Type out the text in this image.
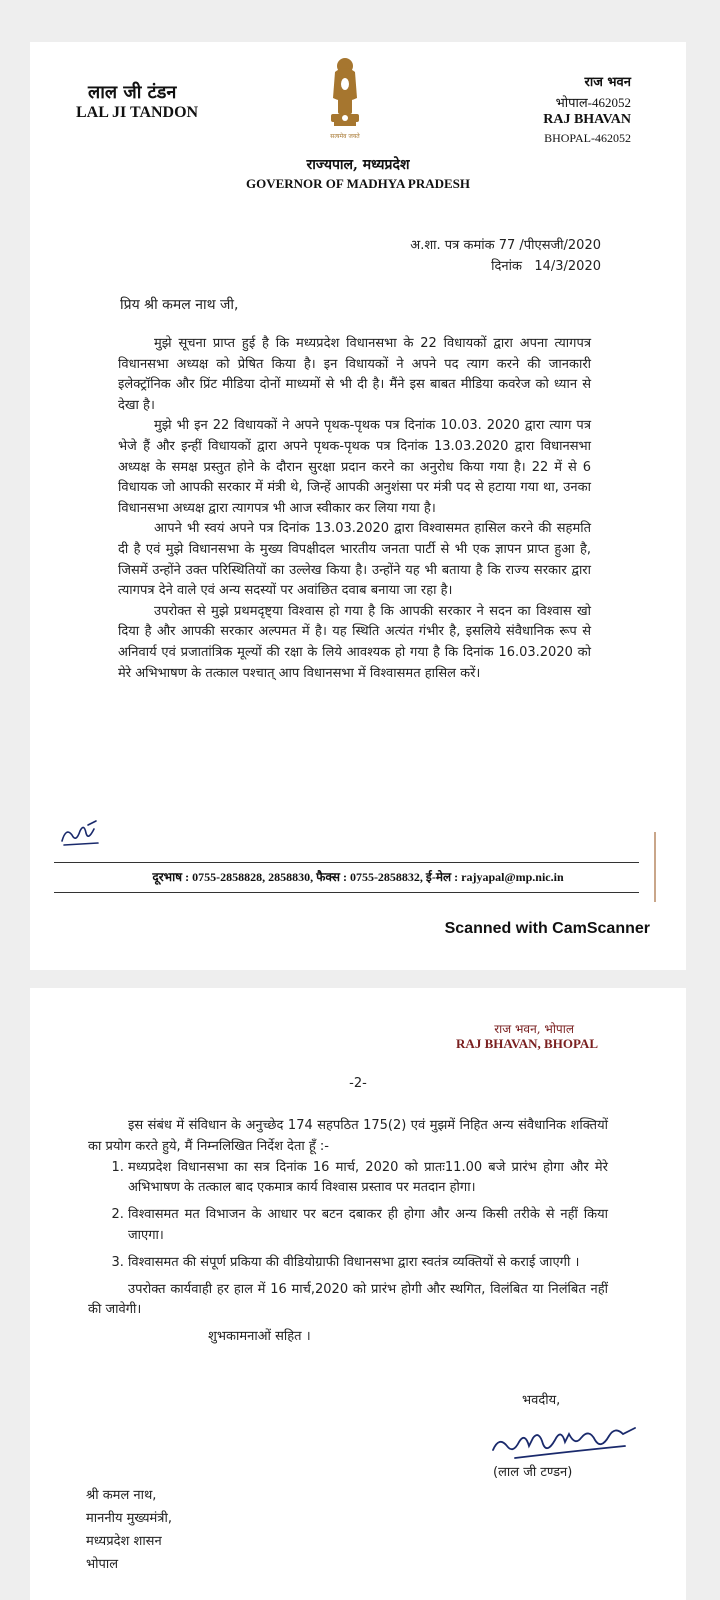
लाल जी टंडन
LAL JI TANDON
सत्यमेव जयते
राज्यपाल, मध्यप्रदेश
GOVERNOR OF MADHYA PRADESH
राज भवन
भोपाल-462052
RAJ BHAVAN
BHOPAL-462052
अ.शा. पत्र कमांक 77 /पीएसजी/2020
दिनांक   14/3/2020
प्रिय श्री कमल नाथ जी,

मुझे सूचना प्राप्त हुई है कि मध्यप्रदेश विधानसभा के 22 विधायकों द्वारा अपना त्यागपत्र विधानसभा अध्यक्ष को प्रेषित किया है। इन विधायकों ने अपने पद त्याग करने की जानकारी इलेक्ट्रॉनिक और प्रिंट मीडिया दोनों माध्यमों से भी दी है। मैंने इस बाबत मीडिया कवरेज को ध्यान से देखा है।

मुझे भी इन 22 विधायकों ने अपने पृथक-पृथक पत्र दिनांक 10.03. 2020 द्वारा त्याग पत्र भेजे हैं और इन्हीं विधायकों द्वारा अपने पृथक-पृथक पत्र दिनांक 13.03.2020 द्वारा विधानसभा अध्यक्ष के समक्ष प्रस्तुत होने के दौरान सुरक्षा प्रदान करने का अनुरोध किया गया है। 22 में से 6 विधायक जो आपकी सरकार में मंत्री थे, जिन्हें आपकी अनुशंसा पर मंत्री पद से हटाया गया था, उनका विधानसभा अध्यक्ष द्वारा त्यागपत्र भी आज स्वीकार कर लिया गया है।

आपने भी स्वयं अपने पत्र दिनांक 13.03.2020 द्वारा विश्वासमत हासिल करने की सहमति दी है एवं मुझे विधानसभा के मुख्य विपक्षीदल भारतीय जनता पार्टी से भी एक ज्ञापन प्राप्त हुआ है, जिसमें उन्होंने उक्त परिस्थितियों का उल्लेख किया है। उन्होंने यह भी बताया है कि राज्य सरकार द्वारा त्यागपत्र देने वाले एवं अन्य सदस्यों पर अवांछित दवाब बनाया जा रहा है।

उपरोक्त से मुझे प्रथमदृष्ट्या विश्वास हो गया है कि आपकी सरकार ने सदन का विश्वास खो दिया है और आपकी सरकार अल्पमत में है। यह स्थिति अत्यंत गंभीर है, इसलिये संवैधानिक रूप से अनिवार्य एवं प्रजातांत्रिक मूल्यों की रक्षा के लिये आवश्यक हो गया है कि दिनांक 16.03.2020 को मेरे अभिभाषण के तत्काल पश्चात् आप विधानसभा में विश्वासमत हासिल करें।

दूरभाष : 0755-2858828, 2858830, फैक्स : 0755-2858832, ई-मेल : rajyapal@mp.nic.in
Scanned with CamScanner
राज भवन, भोपाल
RAJ BHAVAN, BHOPAL
-2-

इस संबंध में संविधान के अनुच्छेद 174 सहपठित 175(2) एवं मुझमें निहित अन्य संवैधानिक शक्तियों का प्रयोग करते हुये, मैं निम्नलिखित निर्देश देता हूँ :-

1. मध्यप्रदेश विधानसभा का सत्र दिनांक 16 मार्च, 2020 को प्रातः11.00 बजे प्रारंभ होगा और मेरे अभिभाषण के तत्काल बाद एकमात्र कार्य विश्वास प्रस्ताव पर मतदान होगा।
2. विश्वासमत मत विभाजन के आधार पर बटन दबाकर ही होगा और अन्य किसी तरीके से नहीं किया जाएगा।
3. विश्वासमत की संपूर्ण प्रकिया की वीडियोग्राफी विधानसभा द्वारा स्वतंत्र व्यक्तियों से कराई जाएगी ।

उपरोक्त कार्यवाही हर हाल में 16 मार्च,2020 को प्रारंभ होगी और स्थगित, विलंबित या निलंबित नहीं की जावेगी।

शुभकामनाओं सहित ।

भवदीय,
(लाल जी टण्डन)
श्री कमल नाथ,
माननीय मुख्यमंत्री,
मध्यप्रदेश शासन
भोपाल
